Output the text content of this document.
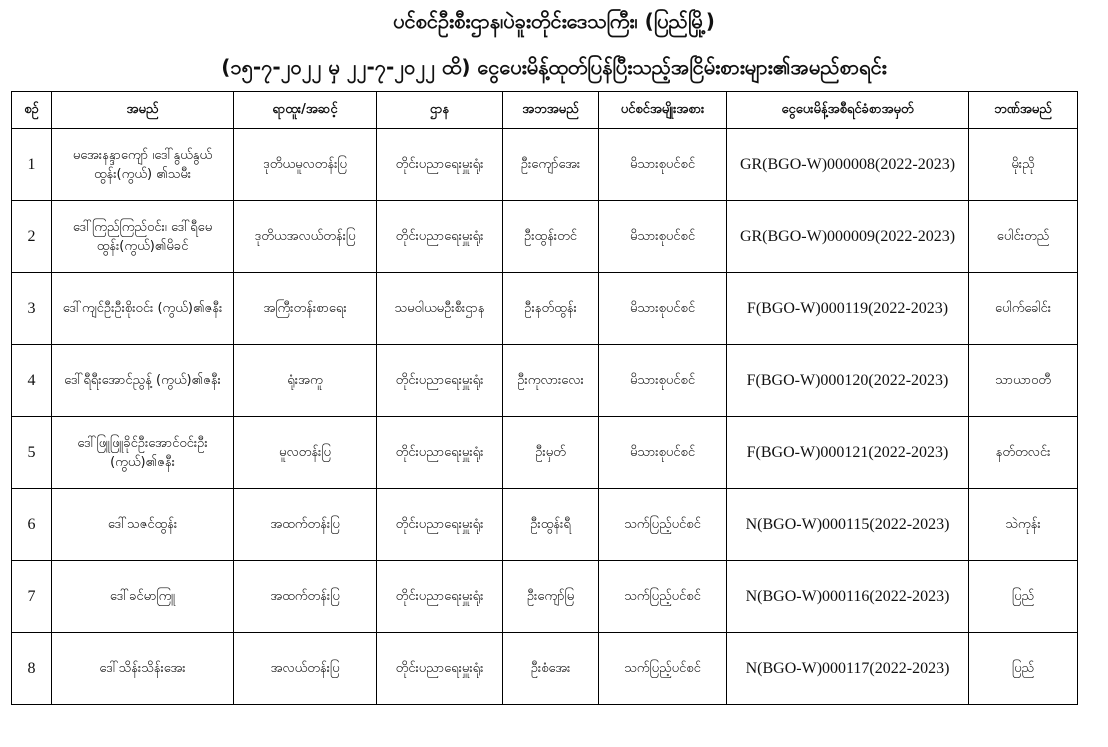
ပင်စင်ဦးစီးဌာန၊ပဲခူးတိုင်းဒေသကြီး၊ (ပြည်မြို့)
(၁၅-၇-၂၀၂၂ မှ ၂၂-၇-၂၀၂၂ ထိ) ငွေပေးမိန့်ထုတ်ပြန်ပြီးသည့်အငြိမ်းစားများ၏အမည်စာရင်း
စဉ်	အမည်	ရာထူး/အဆင့်	ဌာန	အဘအမည်	ပင်စင်အမျိုးအစား	ငွေပေးမိန့်အစီရင်ခံစာအမှတ်	ဘဏ်အမည်
1	မအေးနန္ဒာကျော် ၊ဒေါ်နွယ်နွယ်ထွန်း(ကွယ်) ၏သမီး	ဒုတိယမူလတန်းပြ	တိုင်းပညာရေးမှူးရုံး	ဦးကျော်အေး	မိသားစုပင်စင်	GR(BGO-W)000008(2022-2023)	မိုးညို
2	ဒေါ်ကြည်ကြည်ဝင်း၊ ဒေါ်ရီမေထွန်း(ကွယ်)၏မိခင်	ဒုတိယအလယ်တန်းပြ	တိုင်းပညာရေးမှူးရုံး	ဦးထွန်းတင်	မိသားစုပင်စင်	GR(BGO-W)000009(2022-2023)	ပေါင်းတည်
3	ဒေါ်ကျင်ဦးဦးစိုးဝင်း (ကွယ်)၏ဇနီး	အကြီးတန်းစာရေး	သမဝါယမဦးစီးဌာန	ဦးနတ်ထွန်း	မိသားစုပင်စင်	F(BGO-W)000119(2022-2023)	ပေါက်ခေါင်း
4	ဒေါ်ရီရီးအောင်ညွန့် (ကွယ်)၏ဇနီး	ရုံးအကူ	တိုင်းပညာရေးမှူးရုံး	ဦးကုလားလေး	မိသားစုပင်စင်	F(BGO-W)000120(2022-2023)	သာယာဝတီ
5	ဒေါ်ဖြူဖြူခိုင်ဦးအောင်ဝင်းဦး (ကွယ်)၏ဇနီး	မူလတန်းပြ	တိုင်းပညာရေးမှူးရုံး	ဦးမှတ်	မိသားစုပင်စင်	F(BGO-W)000121(2022-2023)	နတ်တလင်း
6	ဒေါ်သဇင်ထွန်း	အထက်တန်းပြ	တိုင်းပညာရေးမှူးရုံး	ဦးထွန်းရီ	သက်ပြည့်ပင်စင်	N(BGO-W)000115(2022-2023)	သဲကုန်း
7	ဒေါ်ခင်မာကြူ	အထက်တန်းပြ	တိုင်းပညာရေးမှူးရုံး	ဦးကျော်မြ	သက်ပြည့်ပင်စင်	N(BGO-W)000116(2022-2023)	ပြည်
8	ဒေါ်သိန်းသိန်းအေး	အလယ်တန်းပြ	တိုင်းပညာရေးမှူးရုံး	ဦးစံအေး	သက်ပြည့်ပင်စင်	N(BGO-W)000117(2022-2023)	ပြည်
